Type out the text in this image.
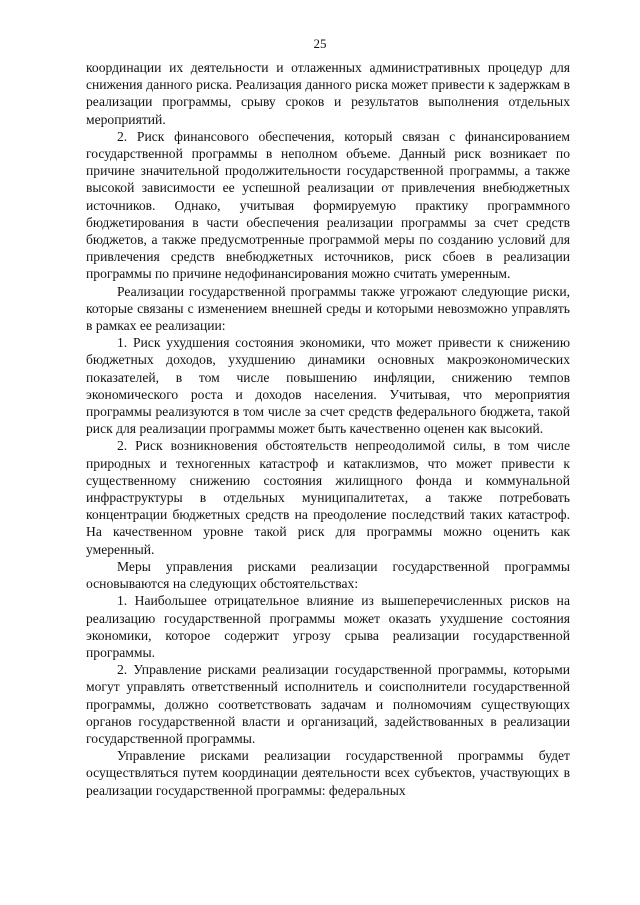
25

координации их деятельности и отлаженных административных процедур для снижения данного риска. Реализация данного риска может привести к задержкам в реализации программы, срыву сроков и результатов выполнения отдельных мероприятий.

2. Риск финансового обеспечения, который связан с финансированием государственной программы в неполном объеме. Данный риск возникает по причине значительной продолжительности государственной программы, а также высокой зависимости ее успешной реализации от привлечения внебюджетных источников. Однако, учитывая формируемую практику программного бюджетирования в части обеспечения реализации программы за счет средств бюджетов, а также предусмотренные программой меры по созданию условий для привлечения средств внебюджетных источников, риск сбоев в реализации программы по причине недофинансирования можно считать умеренным.

Реализации государственной программы также угрожают следующие риски, которые связаны с изменением внешней среды и которыми невозможно управлять в рамках ее реализации:

1. Риск ухудшения состояния экономики, что может привести к снижению бюджетных доходов, ухудшению динамики основных макроэкономических показателей, в том числе повышению инфляции, снижению темпов экономического роста и доходов населения. Учитывая, что мероприятия программы реализуются в том числе за счет средств федерального бюджета, такой риск для реализации программы может быть качественно оценен как высокий.

2. Риск возникновения обстоятельств непреодолимой силы, в том числе природных и техногенных катастроф и катаклизмов, что может привести к существенному снижению состояния жилищного фонда и коммунальной инфраструктуры в отдельных муниципалитетах, а также потребовать концентрации бюджетных средств на преодоление последствий таких катастроф. На качественном уровне такой риск для программы можно оценить как умеренный.

Меры управления рисками реализации государственной программы основываются на следующих обстоятельствах:

1. Наибольшее отрицательное влияние из вышеперечисленных рисков на реализацию государственной программы может оказать ухудшение состояния экономики, которое содержит угрозу срыва реализации государственной программы.

2. Управление рисками реализации государственной программы, которыми могут управлять ответственный исполнитель и соисполнители государственной программы, должно соответствовать задачам и полномочиям существующих органов государственной власти и организаций, задействованных в реализации государственной программы.

Управление рисками реализации государственной программы будет осуществляться путем координации деятельности всех субъектов, участвующих в реализации государственной программы: федеральных
